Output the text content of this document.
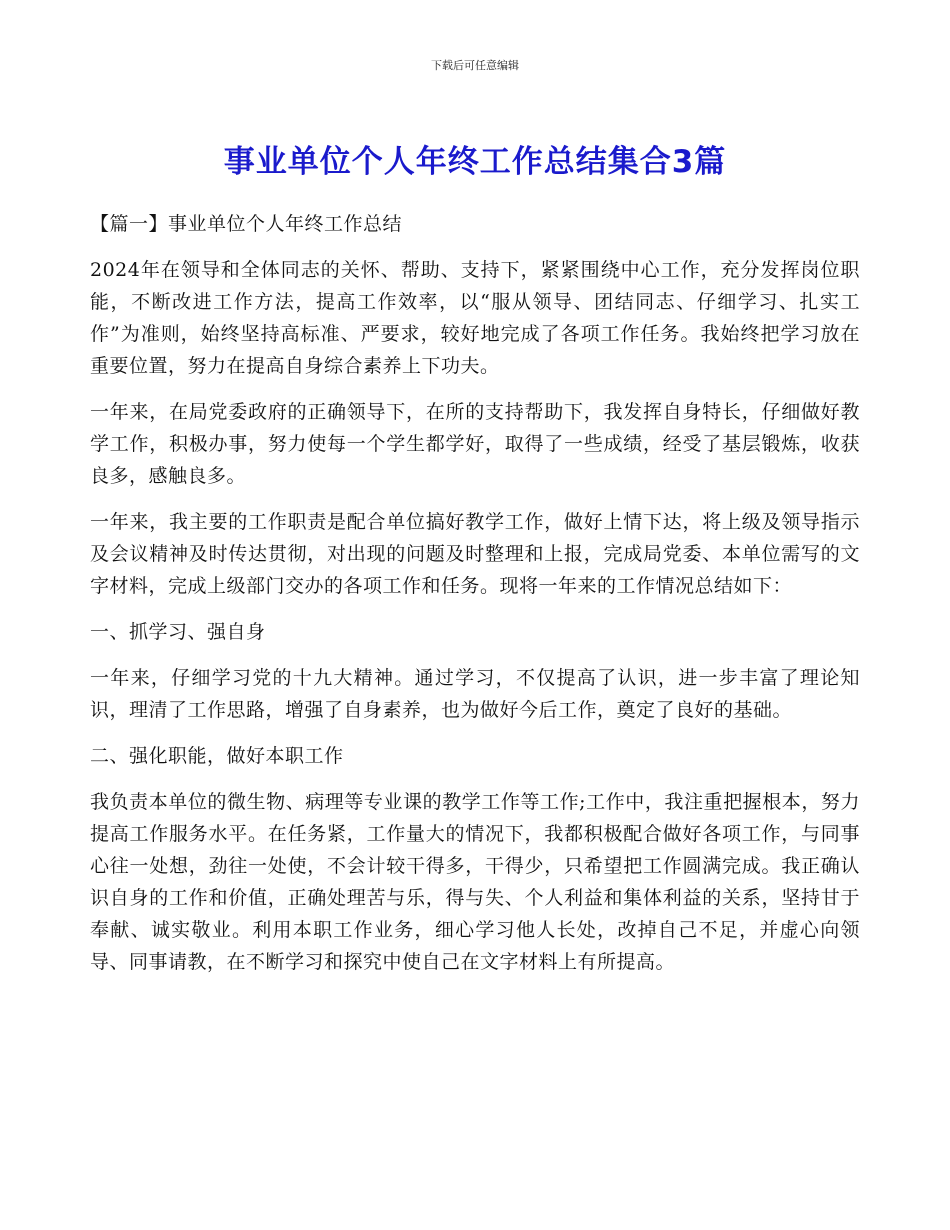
下载后可任意编辑
事业单位个人年终工作总结集合3篇

【篇一】事业单位个人年终工作总结

2024年在领导和全体同志的关怀、帮助、支持下，紧紧围绕中心工作，充分发挥岗位职能，不断改进工作方法，提高工作效率，以“服从领导、团结同志、仔细学习、扎实工作”为准则，始终坚持高标准、严要求，较好地完成了各项工作任务。我始终把学习放在重要位置，努力在提高自身综合素养上下功夫。

一年来，在局党委政府的正确领导下，在所的支持帮助下，我发挥自身特长，仔细做好教学工作，积极办事，努力使每一个学生都学好，取得了一些成绩，经受了基层锻炼，收获良多，感触良多。

一年来，我主要的工作职责是配合单位搞好教学工作，做好上情下达，将上级及领导指示及会议精神及时传达贯彻，对出现的问题及时整理和上报，完成局党委、本单位需写的文字材料，完成上级部门交办的各项工作和任务。现将一年来的工作情况总结如下：

一、抓学习、强自身

一年来，仔细学习党的十九大精神。通过学习，不仅提高了认识，进一步丰富了理论知识，理清了工作思路，增强了自身素养，也为做好今后工作，奠定了良好的基础。

二、强化职能，做好本职工作

我负责本单位的微生物、病理等专业课的教学工作等工作;工作中，我注重把握根本，努力提高工作服务水平。在任务紧，工作量大的情况下，我都积极配合做好各项工作，与同事心往一处想，劲往一处使，不会计较干得多，干得少，只希望把工作圆满完成。我正确认识自身的工作和价值，正确处理苦与乐，得与失、个人利益和集体利益的关系，坚持甘于奉献、诚实敬业。利用本职工作业务，细心学习他人长处，改掉自己不足，并虚心向领导、同事请教，在不断学习和探究中使自己在文字材料上有所提高。
